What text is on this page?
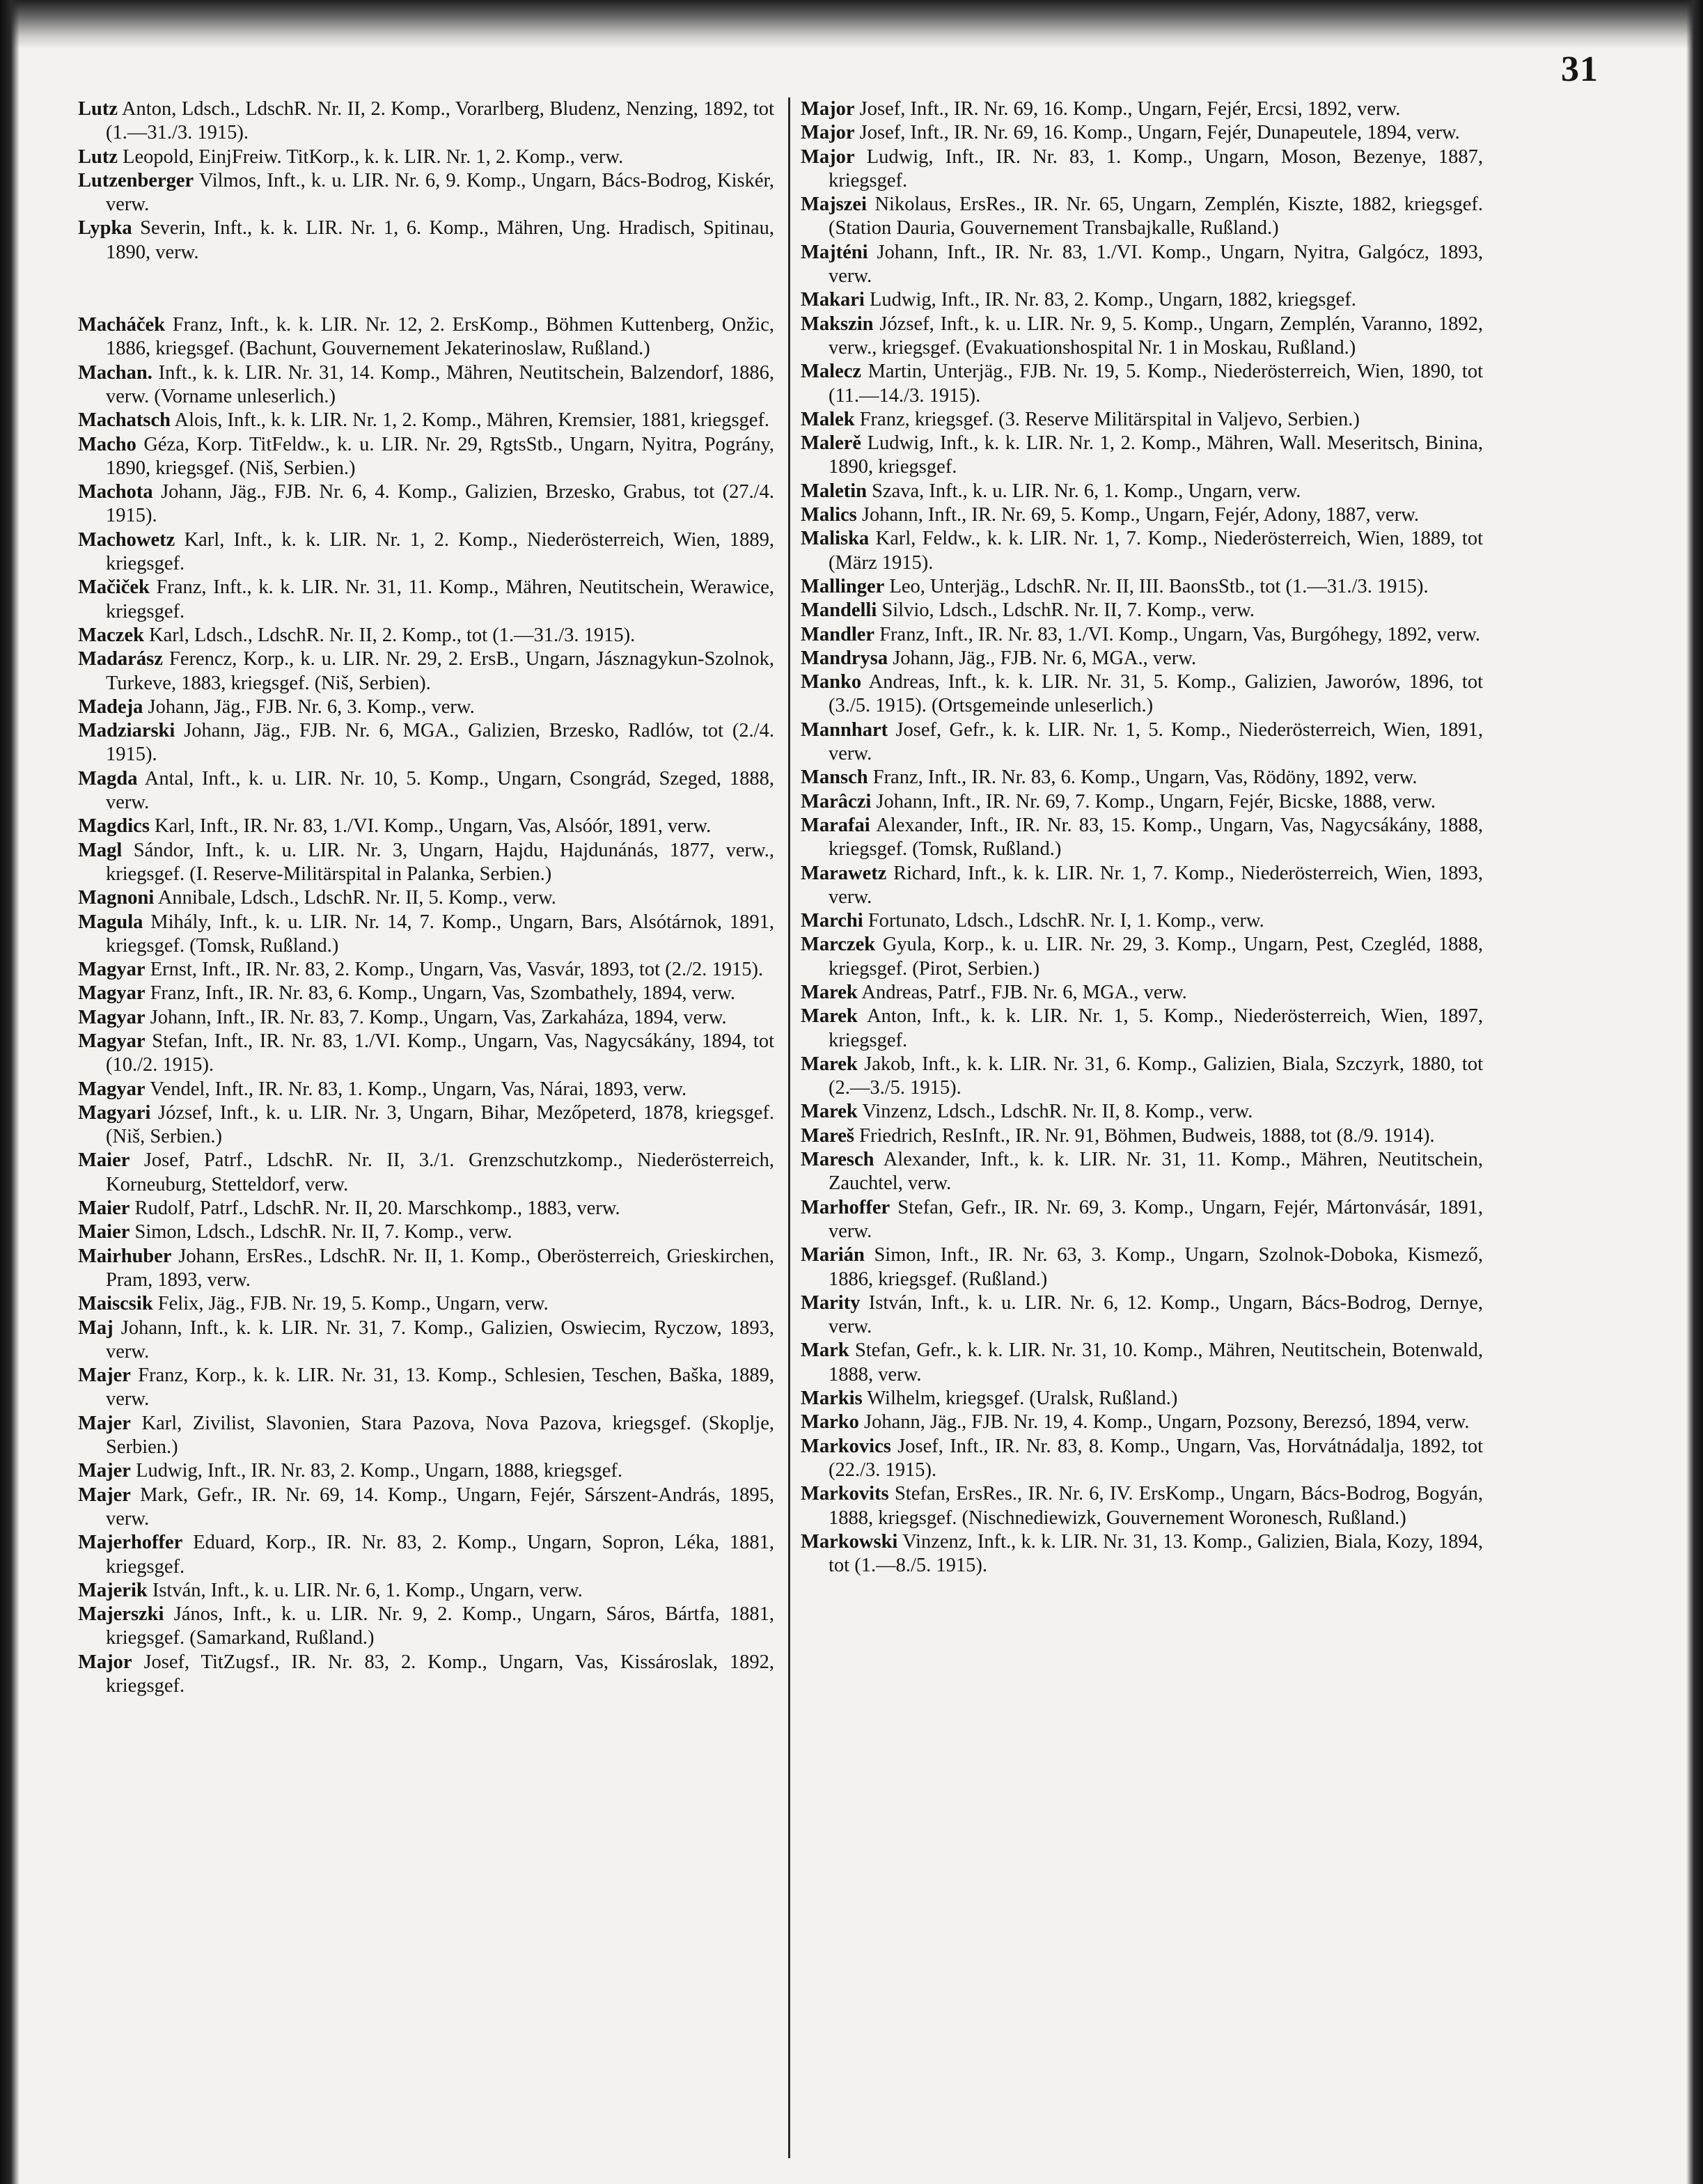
31

Lutz Anton, Ldsch., LdschR. Nr. II, 2. Komp., Vorarlberg, Bludenz, Nenzing, 1892, tot (1.—31./3. 1915).

Lutz Leopold, EinjFreiw. TitKorp., k. k. LIR. Nr. 1, 2. Komp., verw.

Lutzenberger Vilmos, Inft., k. u. LIR. Nr. 6, 9. Komp., Ungarn, Bács-Bodrog, Kiskér, verw.

Lypka Severin, Inft., k. k. LIR. Nr. 1, 6. Komp., Mähren, Ung. Hradisch, Spitinau, 1890, verw.

Macháček Franz, Inft., k. k. LIR. Nr. 12, 2. ErsKomp., Böhmen Kuttenberg, Onžic, 1886, kriegsgef. (Bachunt, Gouvernement Jekaterinoslaw, Rußland.)

Machan. Inft., k. k. LIR. Nr. 31, 14. Komp., Mähren, Neutitschein, Balzendorf, 1886, verw. (Vorname unleserlich.)

Machatsch Alois, Inft., k. k. LIR. Nr. 1, 2. Komp., Mähren, Kremsier, 1881, kriegsgef.

Macho Géza, Korp. TitFeldw., k. u. LIR. Nr. 29, RgtsStb., Ungarn, Nyitra, Pográny, 1890, kriegsgef. (Niš, Serbien.)

Machota Johann, Jäg., FJB. Nr. 6, 4. Komp., Galizien, Brzesko, Grabus, tot (27./4. 1915).

Machowetz Karl, Inft., k. k. LIR. Nr. 1, 2. Komp., Niederösterreich, Wien, 1889, kriegsgef.

Mačiček Franz, Inft., k. k. LIR. Nr. 31, 11. Komp., Mähren, Neutitschein, Werawice, kriegsgef.

Maczek Karl, Ldsch., LdschR. Nr. II, 2. Komp., tot (1.—31./3. 1915).

Madarász Ferencz, Korp., k. u. LIR. Nr. 29, 2. ErsB., Ungarn, Jásznagykun-Szolnok, Turkeve, 1883, kriegsgef. (Niš, Serbien).

Madeja Johann, Jäg., FJB. Nr. 6, 3. Komp., verw.

Madziarski Johann, Jäg., FJB. Nr. 6, MGA., Galizien, Brzesko, Radlów, tot (2./4. 1915).

Magda Antal, Inft., k. u. LIR. Nr. 10, 5. Komp., Ungarn, Csongrád, Szeged, 1888, verw.

Magdics Karl, Inft., IR. Nr. 83, 1./VI. Komp., Ungarn, Vas, Alsóór, 1891, verw.

Magl Sándor, Inft., k. u. LIR. Nr. 3, Ungarn, Hajdu, Hajdunánás, 1877, verw., kriegsgef. (I. Reserve-Militärspital in Palanka, Serbien.)

Magnoni Annibale, Ldsch., LdschR. Nr. II, 5. Komp., verw.

Magula Mihály, Inft., k. u. LIR. Nr. 14, 7. Komp., Ungarn, Bars, Alsótárnok, 1891, kriegsgef. (Tomsk, Rußland.)

Magyar Ernst, Inft., IR. Nr. 83, 2. Komp., Ungarn, Vas, Vasvár, 1893, tot (2./2. 1915).

Magyar Franz, Inft., IR. Nr. 83, 6. Komp., Ungarn, Vas, Szombathely, 1894, verw.

Magyar Johann, Inft., IR. Nr. 83, 7. Komp., Ungarn, Vas, Zarkaháza, 1894, verw.

Magyar Stefan, Inft., IR. Nr. 83, 1./VI. Komp., Ungarn, Vas, Nagycsákány, 1894, tot (10./2. 1915).

Magyar Vendel, Inft., IR. Nr. 83, 1. Komp., Ungarn, Vas, Nárai, 1893, verw.

Magyari József, Inft., k. u. LIR. Nr. 3, Ungarn, Bihar, Mezőpeterd, 1878, kriegsgef. (Niš, Serbien.)

Maier Josef, Patrf., LdschR. Nr. II, 3./1. Grenzschutzkomp., Niederösterreich, Korneuburg, Stetteldorf, verw.

Maier Rudolf, Patrf., LdschR. Nr. II, 20. Marschkomp., 1883, verw.

Maier Simon, Ldsch., LdschR. Nr. II, 7. Komp., verw.

Mairhuber Johann, ErsRes., LdschR. Nr. II, 1. Komp., Oberösterreich, Grieskirchen, Pram, 1893, verw.

Maiscsik Felix, Jäg., FJB. Nr. 19, 5. Komp., Ungarn, verw.

Maj Johann, Inft., k. k. LIR. Nr. 31, 7. Komp., Galizien, Oswiecim, Ryczow, 1893, verw.

Majer Franz, Korp., k. k. LIR. Nr. 31, 13. Komp., Schlesien, Teschen, Baška, 1889, verw.

Majer Karl, Zivilist, Slavonien, Stara Pazova, Nova Pazova, kriegsgef. (Skoplje, Serbien.)

Majer Ludwig, Inft., IR. Nr. 83, 2. Komp., Ungarn, 1888, kriegsgef.

Majer Mark, Gefr., IR. Nr. 69, 14. Komp., Ungarn, Fejér, Sárszent-András, 1895, verw.

Majerhoffer Eduard, Korp., IR. Nr. 83, 2. Komp., Ungarn, Sopron, Léka, 1881, kriegsgef.

Majerik István, Inft., k. u. LIR. Nr. 6, 1. Komp., Ungarn, verw.

Majerszki János, Inft., k. u. LIR. Nr. 9, 2. Komp., Ungarn, Sáros, Bártfa, 1881, kriegsgef. (Samarkand, Rußland.)

Major Josef, TitZugsf., IR. Nr. 83, 2. Komp., Ungarn, Vas, Kissároslak, 1892, kriegsgef.

Major Josef, Inft., IR. Nr. 69, 16. Komp., Ungarn, Fejér, Ercsi, 1892, verw.

Major Josef, Inft., IR. Nr. 69, 16. Komp., Ungarn, Fejér, Dunapeutele, 1894, verw.

Major Ludwig, Inft., IR. Nr. 83, 1. Komp., Ungarn, Moson, Bezenye, 1887, kriegsgef.

Majszei Nikolaus, ErsRes., IR. Nr. 65, Ungarn, Zemplén, Kiszte, 1882, kriegsgef. (Station Dauria, Gouvernement Transbajkalle, Rußland.)

Majténi Johann, Inft., IR. Nr. 83, 1./VI. Komp., Ungarn, Nyitra, Galgócz, 1893, verw.

Makari Ludwig, Inft., IR. Nr. 83, 2. Komp., Ungarn, 1882, kriegsgef.

Makszin József, Inft., k. u. LIR. Nr. 9, 5. Komp., Ungarn, Zemplén, Varanno, 1892, verw., kriegsgef. (Evakuationshospital Nr. 1 in Moskau, Rußland.)

Malecz Martin, Unterjäg., FJB. Nr. 19, 5. Komp., Niederösterreich, Wien, 1890, tot (11.—14./3. 1915).

Malek Franz, kriegsgef. (3. Reserve Militärspital in Valjevo, Serbien.)

Malerě Ludwig, Inft., k. k. LIR. Nr. 1, 2. Komp., Mähren, Wall. Meseritsch, Binina, 1890, kriegsgef.

Maletin Szava, Inft., k. u. LIR. Nr. 6, 1. Komp., Ungarn, verw.

Malics Johann, Inft., IR. Nr. 69, 5. Komp., Ungarn, Fejér, Adony, 1887, verw.

Maliska Karl, Feldw., k. k. LIR. Nr. 1, 7. Komp., Niederösterreich, Wien, 1889, tot (März 1915).

Mallinger Leo, Unterjäg., LdschR. Nr. II, III. BaonsStb., tot (1.—31./3. 1915).

Mandelli Silvio, Ldsch., LdschR. Nr. II, 7. Komp., verw.

Mandler Franz, Inft., IR. Nr. 83, 1./VI. Komp., Ungarn, Vas, Burgóhegy, 1892, verw.

Mandrysa Johann, Jäg., FJB. Nr. 6, MGA., verw.

Manko Andreas, Inft., k. k. LIR. Nr. 31, 5. Komp., Galizien, Jaworów, 1896, tot (3./5. 1915). (Ortsgemeinde unleserlich.)

Mannhart Josef, Gefr., k. k. LIR. Nr. 1, 5. Komp., Niederösterreich, Wien, 1891, verw.

Mansch Franz, Inft., IR. Nr. 83, 6. Komp., Ungarn, Vas, Rödöny, 1892, verw.

Marâczi Johann, Inft., IR. Nr. 69, 7. Komp., Ungarn, Fejér, Bicske, 1888, verw.

Marafai Alexander, Inft., IR. Nr. 83, 15. Komp., Ungarn, Vas, Nagycsákány, 1888, kriegsgef. (Tomsk, Rußland.)

Marawetz Richard, Inft., k. k. LIR. Nr. 1, 7. Komp., Niederösterreich, Wien, 1893, verw.

Marchi Fortunato, Ldsch., LdschR. Nr. I, 1. Komp., verw.

Marczek Gyula, Korp., k. u. LIR. Nr. 29, 3. Komp., Ungarn, Pest, Czegléd, 1888, kriegsgef. (Pirot, Serbien.)

Marek Andreas, Patrf., FJB. Nr. 6, MGA., verw.

Marek Anton, Inft., k. k. LIR. Nr. 1, 5. Komp., Niederösterreich, Wien, 1897, kriegsgef.

Marek Jakob, Inft., k. k. LIR. Nr. 31, 6. Komp., Galizien, Biala, Szczyrk, 1880, tot (2.—3./5. 1915).

Marek Vinzenz, Ldsch., LdschR. Nr. II, 8. Komp., verw.

Mareš Friedrich, ResInft., IR. Nr. 91, Böhmen, Budweis, 1888, tot (8./9. 1914).

Maresch Alexander, Inft., k. k. LIR. Nr. 31, 11. Komp., Mähren, Neutitschein, Zauchtel, verw.

Marhoffer Stefan, Gefr., IR. Nr. 69, 3. Komp., Ungarn, Fejér, Mártonvásár, 1891, verw.

Marián Simon, Inft., IR. Nr. 63, 3. Komp., Ungarn, Szolnok-Doboka, Kismező, 1886, kriegsgef. (Rußland.)

Marity István, Inft., k. u. LIR. Nr. 6, 12. Komp., Ungarn, Bács-Bodrog, Dernye, verw.

Mark Stefan, Gefr., k. k. LIR. Nr. 31, 10. Komp., Mähren, Neutitschein, Botenwald, 1888, verw.

Markis Wilhelm, kriegsgef. (Uralsk, Rußland.)

Marko Johann, Jäg., FJB. Nr. 19, 4. Komp., Ungarn, Pozsony, Berezsó, 1894, verw.

Markovics Josef, Inft., IR. Nr. 83, 8. Komp., Ungarn, Vas, Horvátnádalja, 1892, tot (22./3. 1915).

Markovits Stefan, ErsRes., IR. Nr. 6, IV. ErsKomp., Ungarn, Bács-Bodrog, Bogyán, 1888, kriegsgef. (Nischnediewizk, Gouvernement Woronesch, Rußland.)

Markowski Vinzenz, Inft., k. k. LIR. Nr. 31, 13. Komp., Galizien, Biala, Kozy, 1894, tot (1.—8./5. 1915).
